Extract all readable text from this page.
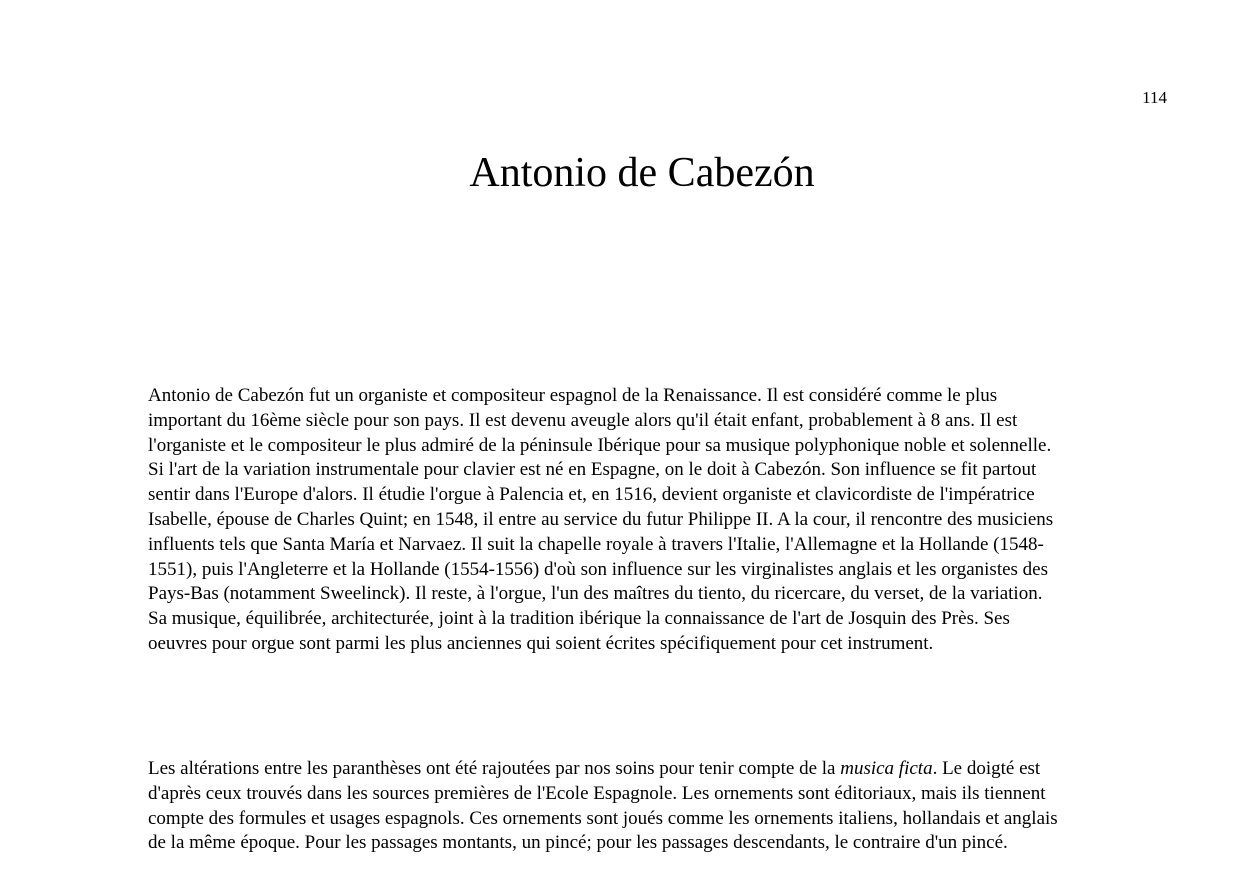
114
Antonio de Cabezón

Antonio de Cabezón fut un organiste et compositeur espagnol de la Renaissance. Il est considéré comme le plus important du 16ème siècle pour son pays. Il est devenu aveugle alors qu'il était enfant, probablement à 8 ans. Il est l'organiste et le compositeur le plus admiré de la péninsule Ibérique pour sa musique polyphonique noble et solennelle. Si l'art de la variation instrumentale pour clavier est né en Espagne, on le doit à Cabezón. Son influence se fit partout sentir dans l'Europe d'alors. Il étudie l'orgue à Palencia et, en 1516, devient organiste et clavicordiste de l'impératrice Isabelle, épouse de Charles Quint; en 1548, il entre au service du futur Philippe II. A la cour, il rencontre des musiciens influents tels que Santa María et Narvaez. Il suit la chapelle royale à travers l'Italie, l'Allemagne et la Hollande (1548-1551), puis l'Angleterre et la Hollande (1554-1556) d'où son influence sur les virginalistes anglais et les organistes des Pays-Bas (notamment Sweelinck). Il reste, à l'orgue, l'un des maîtres du tiento, du ricercare, du verset, de la variation. Sa musique, équilibrée, architecturée, joint à la tradition ibérique la connaissance de l'art de Josquin des Près. Ses oeuvres pour orgue sont parmi les plus anciennes qui soient écrites spécifiquement pour cet instrument.

Les altérations entre les paranthèses ont été rajoutées par nos soins pour tenir compte de la musica ficta. Le doigté est d'après ceux trouvés dans les sources premières de l'Ecole Espagnole. Les ornements sont éditoriaux, mais ils tiennent compte des formules et usages espagnols. Ces ornements sont joués comme les ornements italiens, hollandais et anglais de la même époque. Pour les passages montants, un pincé; pour les passages descendants, le contraire d'un pincé.
